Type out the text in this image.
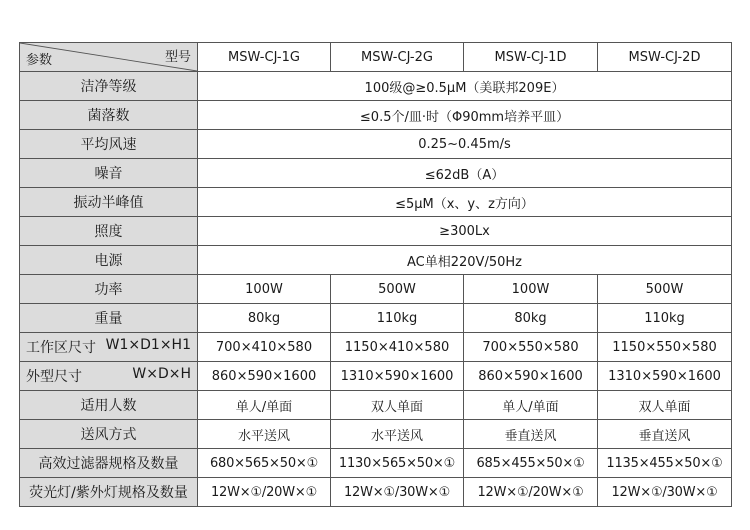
型号
参数	MSW-CJ-1G	MSW-CJ-2G	MSW-CJ-1D	MSW-CJ-2D
洁净等级	100级@≥0.5μM（美联邦209E）			
菌落数	≤0.5个/皿·时（Φ90mm培养平皿）			
平均风速	0.25~0.45m/s			
噪音	≤62dB（A）			
振动半峰值	≤5μM（x、y、z方向）			
照度	≥300Lx			
电源	AC单相220V/50Hz			
功率	100W	500W	100W	500W
重量	80kg	110kg	80kg	110kg

工作区尺寸 W1×D1×H1	700×410×580	1150×410×580	700×550×580	1150×550×580

外型尺寸 W×D×H	860×590×1600	1310×590×1600	860×590×1600	1310×590×1600
适用人数	单人/单面	双人单面	单人/单面	双人单面
送风方式	水平送风	水平送风	垂直送风	垂直送风
高效过滤器规格及数量	680×565×50×①	1130×565×50×①	685×455×50×①	1135×455×50×①
荧光灯/紫外灯规格及数量	12W×①/20W×①	12W×①/30W×①	12W×①/20W×①	12W×①/30W×①
